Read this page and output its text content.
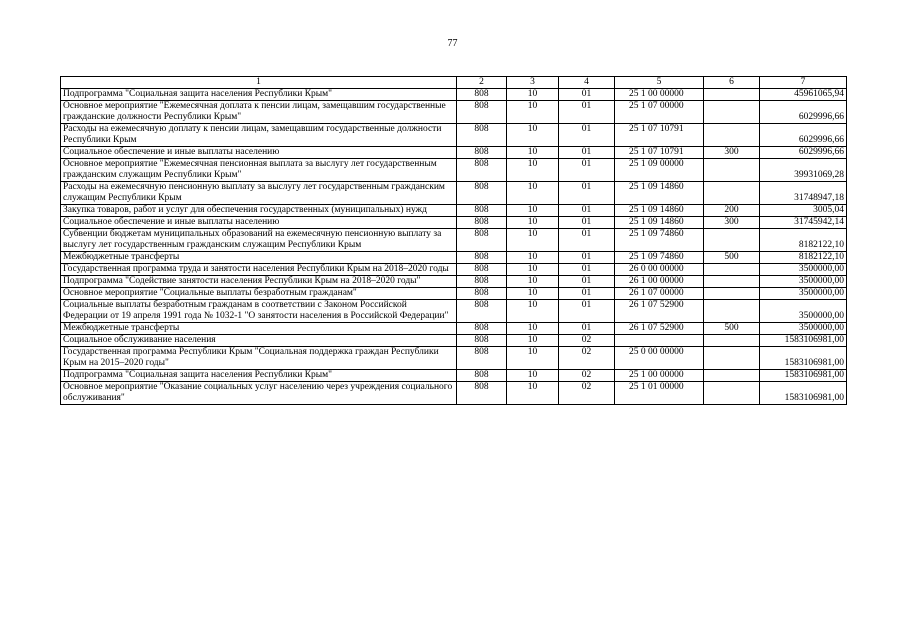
77
1	2	3	4	5	6	7
Подпрограмма "Социальная защита населения Республики Крым"	808	10	01	25 1 00 00000		45961065,94
Основное мероприятие "Ежемесячная доплата к пенсии лицам, замещавшим государственные гражданские должности Республики Крым"	808	10	01	25 1 07 00000		6029996,66
Расходы на ежемесячную доплату к пенсии лицам, замещавшим государственные должности Республики Крым	808	10	01	25 1 07 10791		6029996,66
Социальное обеспечение и иные выплаты населению	808	10	01	25 1 07 10791	300	6029996,66
Основное мероприятие "Ежемесячная пенсионная выплата за выслугу лет государственным гражданским служащим Республики Крым"	808	10	01	25 1 09 00000		39931069,28
Расходы на ежемесячную пенсионную выплату за выслугу лет государственным гражданским служащим Республики Крым	808	10	01	25 1 09 14860		31748947,18
Закупка товаров, работ и услуг для обеспечения государственных (муниципальных) нужд	808	10	01	25 1 09 14860	200	3005,04
Социальное обеспечение и иные выплаты населению	808	10	01	25 1 09 14860	300	31745942,14
Субвенции бюджетам муниципальных образований на ежемесячную пенсионную выплату за выслугу лет государственным гражданским служащим Республики Крым	808	10	01	25 1 09 74860		8182122,10
Межбюджетные трансферты	808	10	01	25 1 09 74860	500	8182122,10
Государственная программа труда и занятости населения Республики Крым на 2018–2020 годы	808	10	01	26 0 00 00000		3500000,00
Подпрограмма "Содействие занятости населения Республики Крым на 2018–2020 годы"	808	10	01	26 1 00 00000		3500000,00
Основное мероприятие "Социальные выплаты безработным гражданам"	808	10	01	26 1 07 00000		3500000,00
Социальные выплаты безработным гражданам в соответствии с Законом Российской Федерации от 19 апреля 1991 года № 1032-1 "О занятости населения в Российской Федерации"	808	10	01	26 1 07 52900		3500000,00
Межбюджетные трансферты	808	10	01	26 1 07 52900	500	3500000,00
Социальное обслуживание населения	808	10	02			1583106981,00
Государственная программа Республики Крым "Социальная поддержка граждан Республики Крым на 2015–2020 годы"	808	10	02	25 0 00 00000		1583106981,00
Подпрограмма "Социальная защита населения Республики Крым"	808	10	02	25 1 00 00000		1583106981,00
Основное мероприятие "Оказание социальных услуг населению через учреждения социального обслуживания"	808	10	02	25 1 01 00000		1583106981,00
